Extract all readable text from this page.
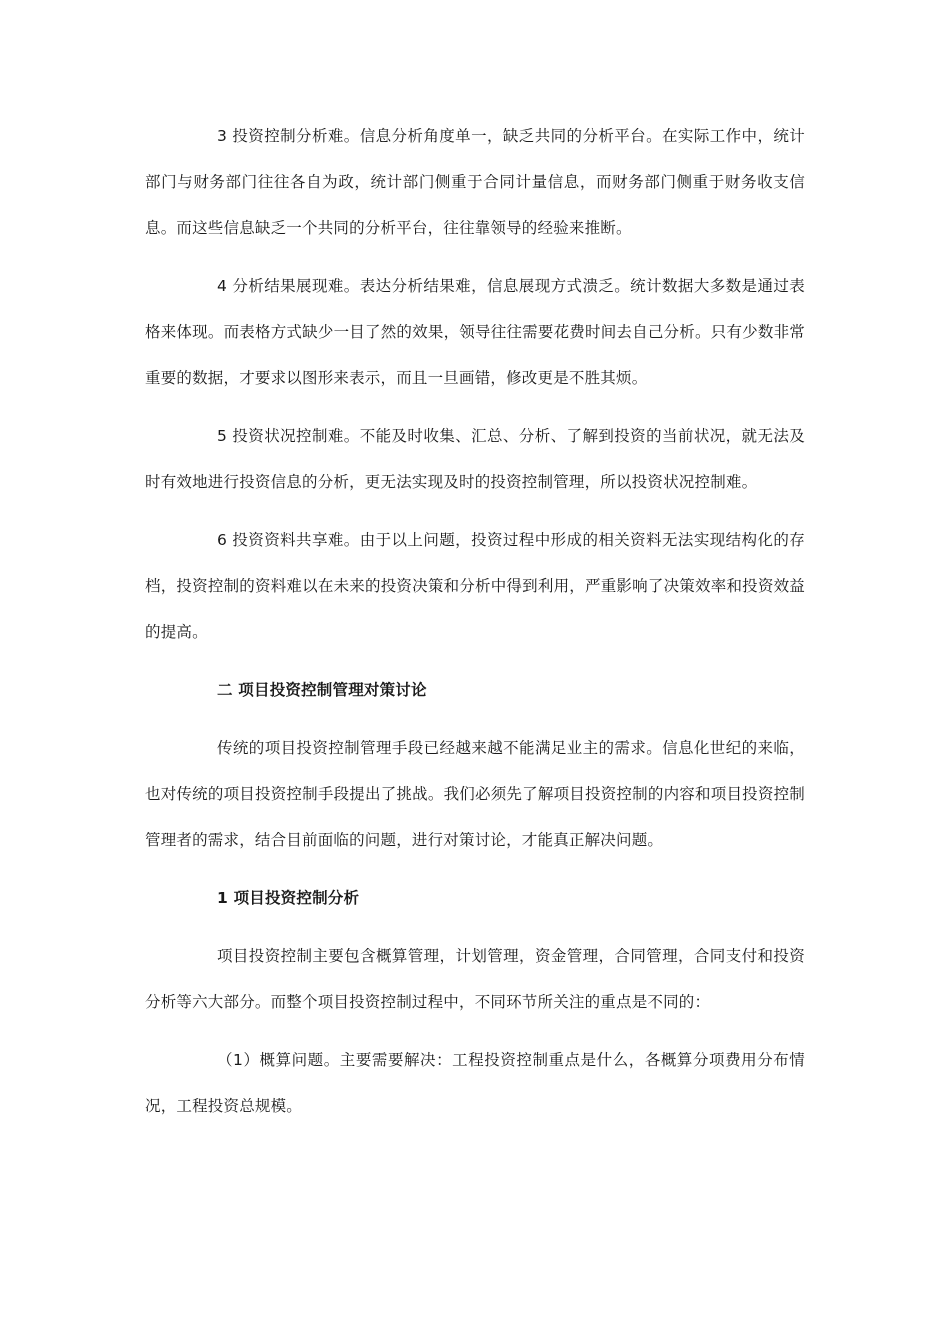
3 投资控制分析难。信息分析角度单一，缺乏共同的分析平台。在实际工作中，统计部门与财务部门往往各自为政，统计部门侧重于合同计量信息，而财务部门侧重于财务收支信息。而这些信息缺乏一个共同的分析平台，往往靠领导的经验来推断。

4 分析结果展现难。表达分析结果难，信息展现方式溃乏。统计数据大多数是通过表格来体现。而表格方式缺少一目了然的效果，领导往往需要花费时间去自己分析。只有少数非常重要的数据，才要求以图形来表示，而且一旦画错，修改更是不胜其烦。

5 投资状况控制难。不能及时收集、汇总、分析、了解到投资的当前状况，就无法及时有效地进行投资信息的分析，更无法实现及时的投资控制管理，所以投资状况控制难。

6 投资资料共享难。由于以上问题，投资过程中形成的相关资料无法实现结构化的存档，投资控制的资料难以在未来的投资决策和分析中得到利用，严重影响了决策效率和投资效益的提高。

二 项目投资控制管理对策讨论

传统的项目投资控制管理手段已经越来越不能满足业主的需求。信息化世纪的来临，也对传统的项目投资控制手段提出了挑战。我们必须先了解项目投资控制的内容和项目投资控制管理者的需求，结合目前面临的问题，进行对策讨论，才能真正解决问题。

1 项目投资控制分析

项目投资控制主要包含概算管理，计划管理，资金管理，合同管理，合同支付和投资分析等六大部分。而整个项目投资控制过程中，不同环节所关注的重点是不同的：

（1）概算问题。主要需要解决：工程投资控制重点是什么，各概算分项费用分布情况，工程投资总规模。
